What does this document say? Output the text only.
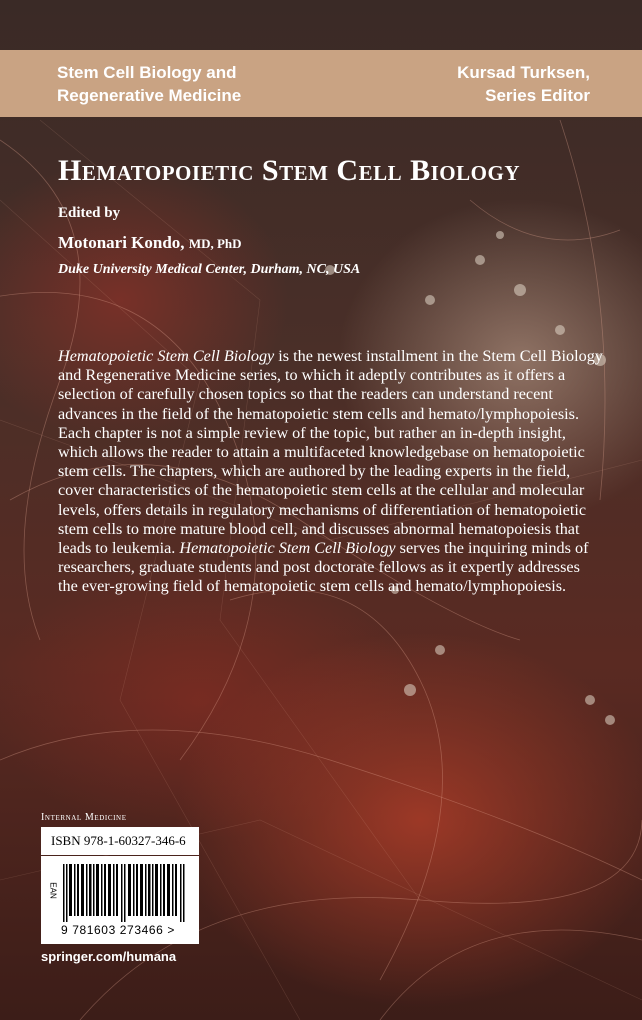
Stem Cell Biology and
Regenerative Medicine
Kursad Turksen,
Series Editor
Hematopoietic Stem Cell Biology
Edited by
Motonari Kondo, MD, PhD
Duke University Medical Center, Durham, NC, USA
Hematopoietic Stem Cell Biology is the newest installment in the Stem Cell Biology and Regenerative Medicine series, to which it adeptly contributes as it offers a selection of carefully chosen topics so that the readers can understand recent advances in the field of the hematopoietic stem cells and hemato/lymphopoiesis. Each chapter is not a simple review of the topic, but rather an in-depth insight, which allows the reader to attain a multifaceted knowledgebase on hematopoietic stem cells. The chapters, which are authored by the leading experts in the field, cover characteristics of the hematopoietic stem cells at the cellular and molecular levels, offers details in regulatory mechanisms of differentiation of hematopoietic stem cells to more mature blood cell, and discusses abnormal hematopoiesis that leads to leukemia. Hematopoietic Stem Cell Biology serves the inquiring minds of researchers, graduate students and post doctorate fellows as it expertly addresses the ever-growing field of hematopoietic stem cells and hemato/lymphopoiesis.
Internal Medicine
ISBN 978-1-60327-346-6
EAN
9 781603 273466 >
springer.com/humana
